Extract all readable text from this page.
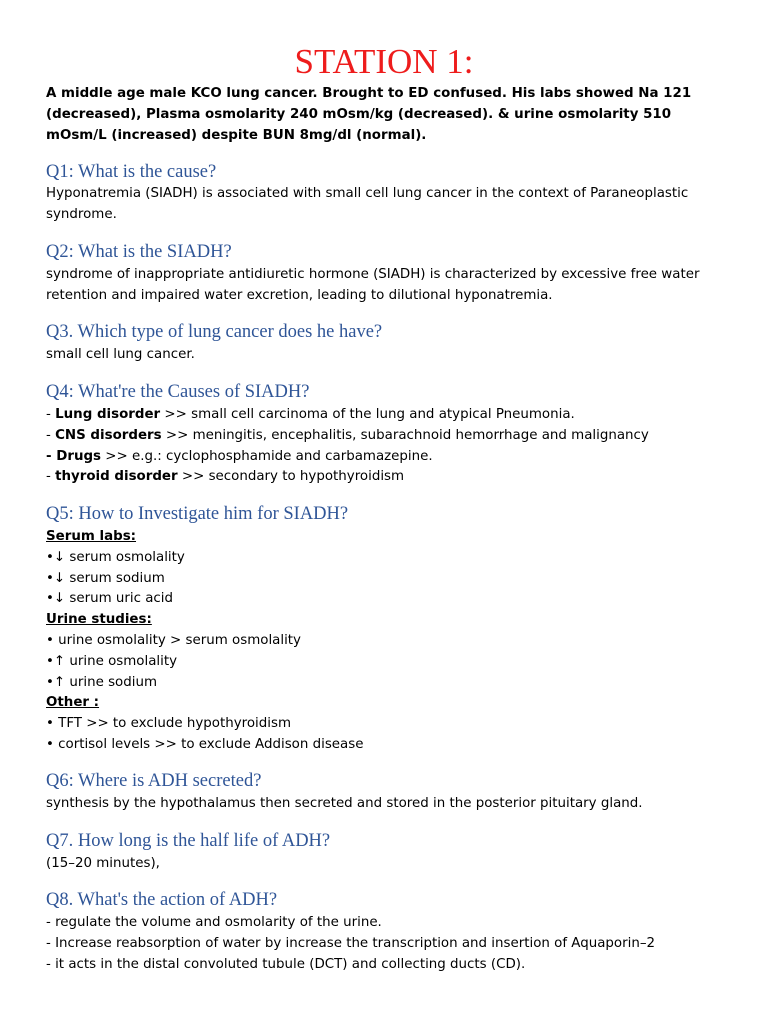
STATION 1:
A middle age male KCO lung cancer. Brought to ED confused. His labs showed Na 121 (decreased), Plasma osmolarity 240 mOsm/kg (decreased). & urine osmolarity 510 mOsm/L (increased) despite BUN 8mg/dl (normal).
Q1: What is the cause?
Hyponatremia (SIADH) is associated with small cell lung cancer in the context of Paraneoplastic syndrome.
Q2: What is the SIADH?
syndrome of inappropriate antidiuretic hormone (SIADH) is characterized by excessive free water retention and impaired water excretion, leading to dilutional hyponatremia.
Q3. Which type of lung cancer does he have?
small cell lung cancer.
Q4: What're the Causes of SIADH?
- Lung disorder >> small cell carcinoma of the lung and atypical Pneumonia.
- CNS disorders >> meningitis, encephalitis, subarachnoid hemorrhage and malignancy
- Drugs >> e.g.: cyclophosphamide and carbamazepine.
- thyroid disorder >> secondary to hypothyroidism
Q5: How to Investigate him for SIADH?
Serum labs:
•↓ serum osmolality
•↓ serum sodium
•↓ serum uric acid
Urine studies:
• urine osmolality > serum osmolality
•↑ urine osmolality
•↑ urine sodium
Other :
• TFT >> to exclude hypothyroidism
• cortisol levels >> to exclude Addison disease
Q6: Where is ADH secreted?
synthesis by the hypothalamus then secreted and stored in the posterior pituitary gland.
Q7. How long is the half life of ADH?
(15–20 minutes),
Q8. What's the action of ADH?
- regulate the volume and osmolarity of the urine.
- Increase reabsorption of water by increase the transcription and insertion of Aquaporin–2
- it acts in the distal convoluted tubule (DCT) and collecting ducts (CD).
